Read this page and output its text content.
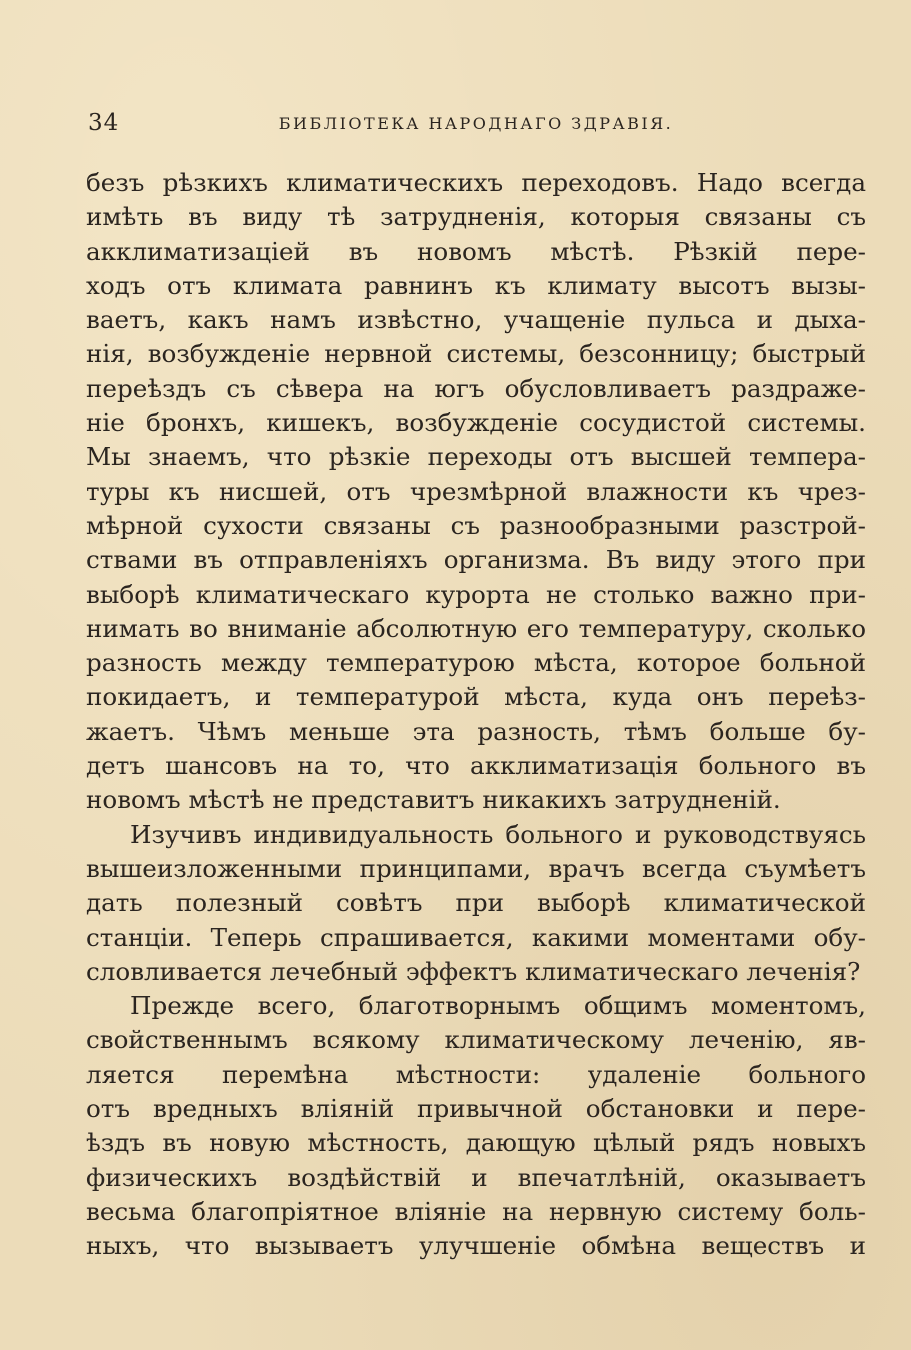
34	БИБЛІОТЕКА НАРОДНАГО ЗДРАВІЯ.
безъ рѣзкихъ климатическихъ переходовъ. Надо всегда
имѣть въ виду тѣ затрудненія, которыя связаны съ
акклиматизаціей въ новомъ мѣстѣ. Рѣзкій пере-
ходъ отъ климата равнинъ къ климату высотъ вызы-
ваетъ, какъ намъ извѣстно, учащеніе пульса и дыха-
нія, возбужденіе нервной системы, безсонницу; быстрый
переѣздъ съ сѣвера на югъ обусловливаетъ раздраже-
ніе бронхъ, кишекъ, возбужденіе сосудистой системы.
Мы знаемъ, что рѣзкіе переходы отъ высшей темпера-
туры къ нисшей, отъ чрезмѣрной влажности къ чрез-
мѣрной сухости связаны съ разнообразными разстрой-
ствами въ отправленіяхъ организма. Въ виду этого при
выборѣ климатическаго курорта не столько важно при-
нимать во вниманіе абсолютную его температуру, сколько
разность между температурою мѣста, которое больной
покидаетъ, и температурой мѣста, куда онъ переѣз-
жаетъ. Чѣмъ меньше эта разность, тѣмъ больше бу-
детъ шансовъ на то, что акклиматизація больного въ
новомъ мѣстѣ не представитъ никакихъ затрудненій.
Изучивъ индивидуальность больного и руководствуясь
вышеизложенными принципами, врачъ всегда съумѣетъ
дать полезный совѣтъ при выборѣ климатической
станціи. Теперь спрашивается, какими моментами обу-
словливается лечебный эффектъ климатическаго леченія?
Прежде всего, благотворнымъ общимъ моментомъ,
свойственнымъ всякому климатическому леченію, яв-
ляется перемѣна мѣстности: удаленіе больного
отъ вредныхъ вліяній привычной обстановки и пере-
ѣздъ въ новую мѣстность, дающую цѣлый рядъ новыхъ
физическихъ воздѣйствій и впечатлѣній, оказываетъ
весьма благопріятное вліяніе на нервную систему боль-
ныхъ, что вызываетъ улучшеніе обмѣна веществъ и
